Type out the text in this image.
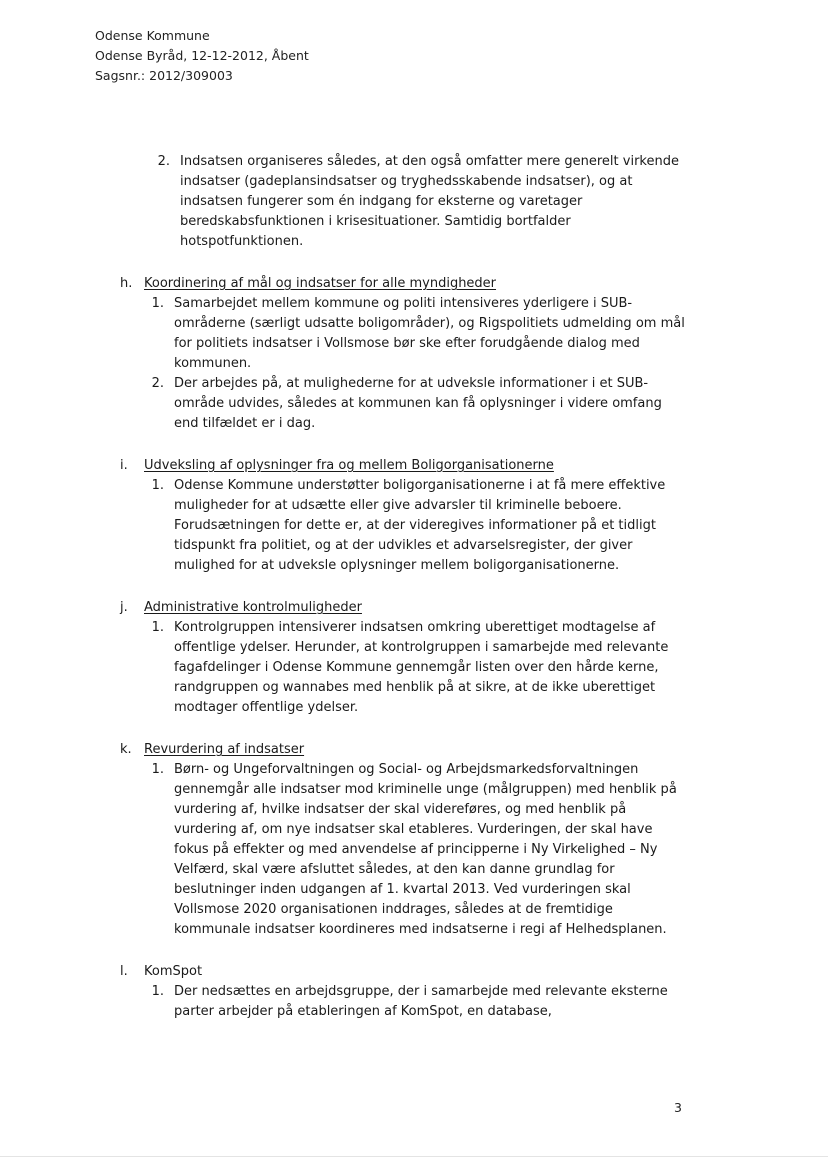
Odense Kommune
Odense Byråd, 12-12-2012, Åbent
Sagsnr.: 2012/309003
2. Indsatsen organiseres således, at den også omfatter mere generelt virkende indsatser (gadeplansindsatser og tryghedsskabende indsatser), og at indsatsen fungerer som én indgang for eksterne og varetager beredskabsfunktionen i krisesituationer. Samtidig bortfalder hotspotfunktionen.
h. Koordinering af mål og indsatser for alle myndigheder
1. Samarbejdet mellem kommune og politi intensiveres yderligere i SUB-områderne (særligt udsatte boligområder), og Rigspolitiets udmelding om mål for politiets indsatser i Vollsmose bør ske efter forudgående dialog med kommunen.
2. Der arbejdes på, at mulighederne for at udveksle informationer i et SUB-område udvides, således at kommunen kan få oplysninger i videre omfang end tilfældet er i dag.
i.	Udveksling af oplysninger fra og mellem Boligorganisationerne
1. Odense Kommune understøtter boligorganisationerne i at få mere effektive muligheder for at udsætte eller give advarsler til kriminelle beboere. Forudsætningen for dette er, at der videregives informationer på et tidligt tidspunkt fra politiet, og at der udvikles et advarselsregister, der giver mulighed for at udveksle oplysninger mellem boligorganisationerne.
j.	Administrative kontrolmuligheder
1. Kontrolgruppen intensiverer indsatsen omkring uberettiget modtagelse af offentlige ydelser. Herunder, at kontrolgruppen i samarbejde med relevante fagafdelinger i Odense Kommune gennemgår listen over den hårde kerne, randgruppen og wannabes med henblik på at sikre, at de ikke uberettiget modtager offentlige ydelser.
k. Revurdering af indsatser
1. Børn- og Ungeforvaltningen og Social- og Arbejdsmarkedsforvaltningen gennemgår alle indsatser mod kriminelle unge (målgruppen) med henblik på vurdering af, hvilke indsatser der skal videreføres, og med henblik på vurdering af, om nye indsatser skal etableres. Vurderingen, der skal have fokus på effekter og med anvendelse af principperne i Ny Virkelighed – Ny Velfærd, skal være afsluttet således, at den kan danne grundlag for beslutninger inden udgangen af 1. kvartal 2013. Ved vurderingen skal Vollsmose 2020 organisationen inddrages, således at de fremtidige kommunale indsatser koordineres med indsatserne i regi af Helhedsplanen.
l.	KomSpot
1. Der nedsættes en arbejdsgruppe, der i samarbejde med relevante eksterne parter arbejder på etableringen af KomSpot, en database,
3
